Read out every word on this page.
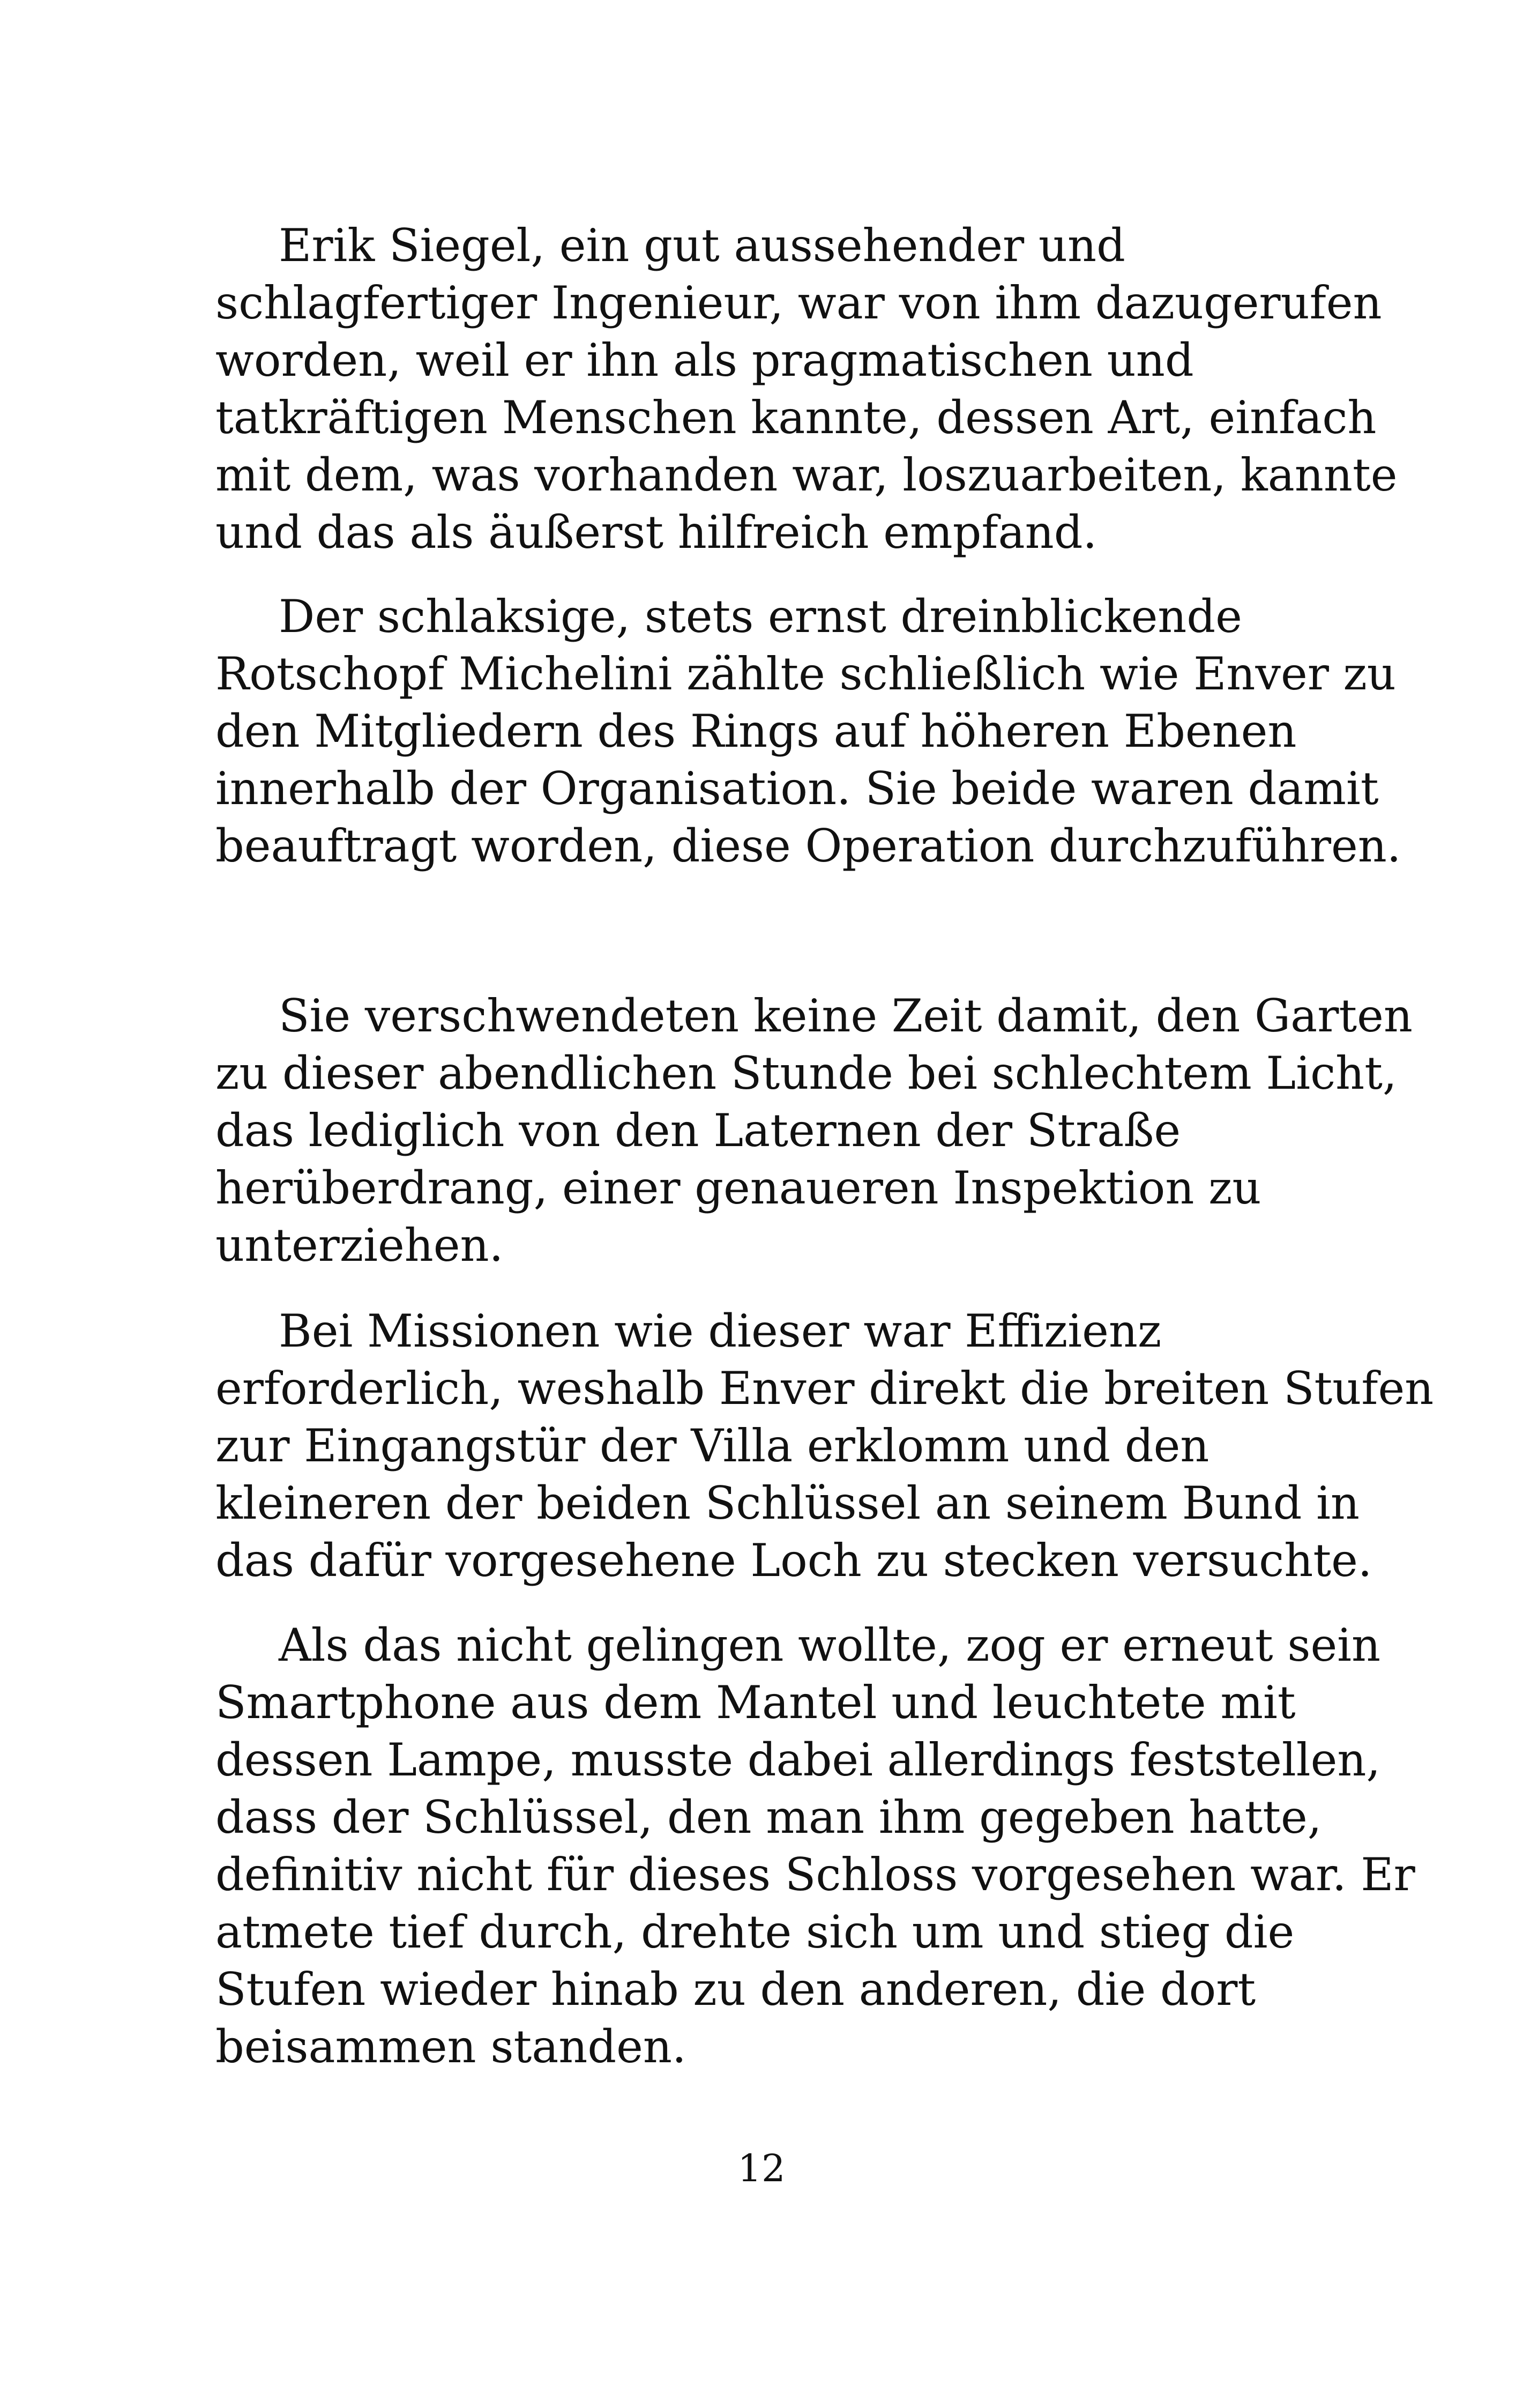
Erik Siegel, ein gut aussehender und
schlagfertiger Ingenieur, war von ihm dazugerufen
worden, weil er ihn als pragmatischen und
tatkräftigen Menschen kannte, dessen Art, einfach
mit dem, was vorhanden war, loszuarbeiten, kannte
und das als äußerst hilfreich empfand.
Der schlaksige, stets ernst dreinblickende
Rotschopf Michelini zählte schließlich wie Enver zu
den Mitgliedern des Rings auf höheren Ebenen
innerhalb der Organisation. Sie beide waren damit
beauftragt worden, diese Operation durchzuführen.
Sie verschwendeten keine Zeit damit, den Garten
zu dieser abendlichen Stunde bei schlechtem Licht,
das lediglich von den Laternen der Straße
herüberdrang, einer genaueren Inspektion zu
unterziehen.
Bei Missionen wie dieser war Effizienz
erforderlich, weshalb Enver direkt die breiten Stufen
zur Eingangstür der Villa erklomm und den
kleineren der beiden Schlüssel an seinem Bund in
das dafür vorgesehene Loch zu stecken versuchte.
Als das nicht gelingen wollte, zog er erneut sein
Smartphone aus dem Mantel und leuchtete mit
dessen Lampe, musste dabei allerdings feststellen,
dass der Schlüssel, den man ihm gegeben hatte,
definitiv nicht für dieses Schloss vorgesehen war. Er
atmete tief durch, drehte sich um und stieg die
Stufen wieder hinab zu den anderen, die dort
beisammen standen.
12
